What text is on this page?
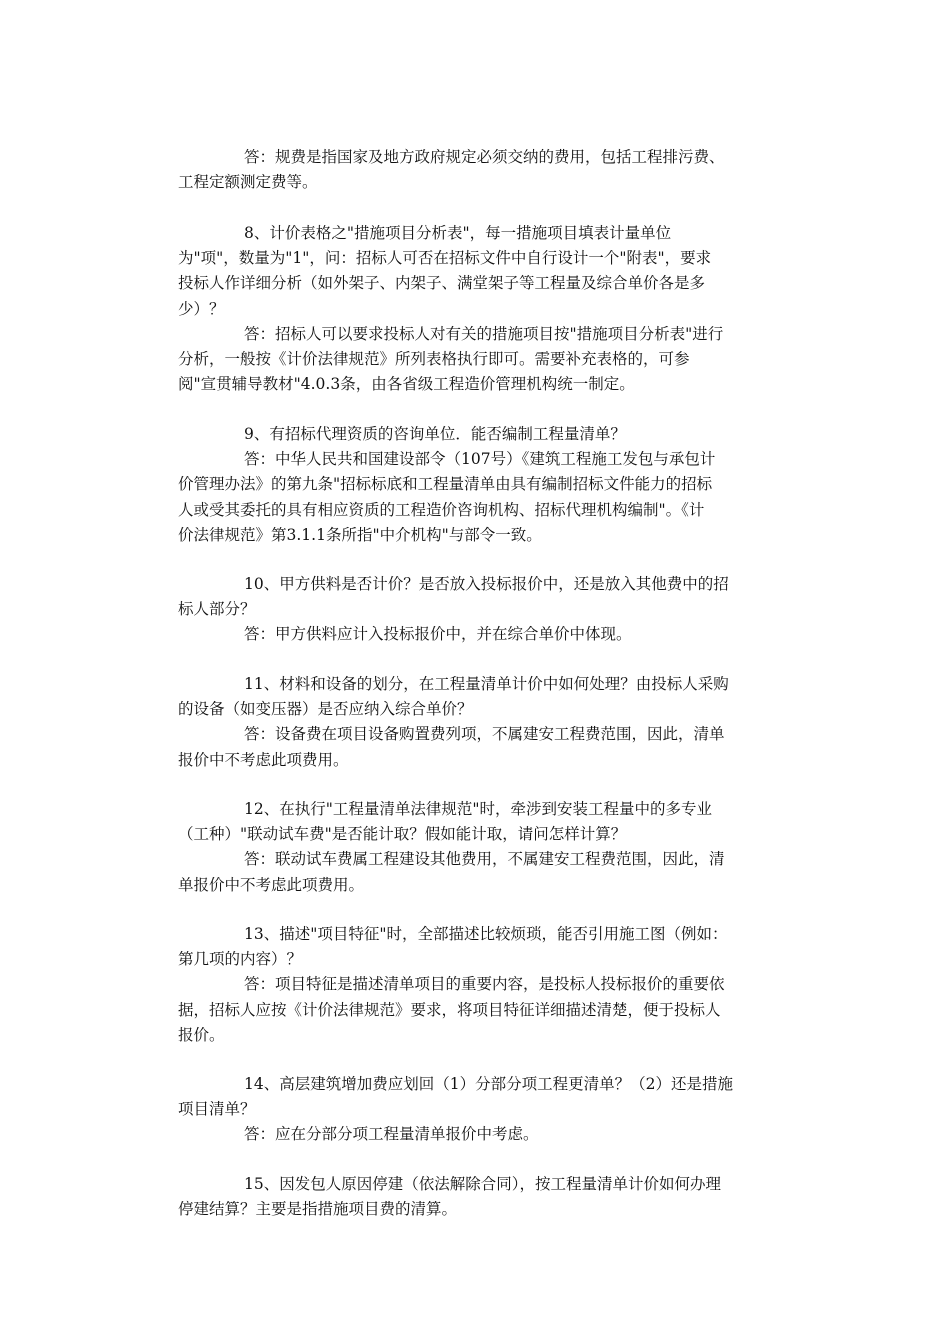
答：规费是指国家及地方政府规定必须交纳的费用，包括工程排污费、
工程定额测定费等。
8、计价表格之"措施项目分析表"，每一措施项目填表计量单位
为"项"，数量为"1"，问：招标人可否在招标文件中自行设计一个"附表"，要求
投标人作详细分析（如外架子、内架子、满堂架子等工程量及综合单价各是多
少）？
答：招标人可以要求投标人对有关的措施项目按"措施项目分析表"进行
分析，一般按《计价法律规范》所列表格执行即可。需要补充表格的，可参
阅"宣贯辅导教材"4.0.3条，由各省级工程造价管理机构统一制定。
9、有招标代理资质的咨询单位．能否编制工程量清单？
答：中华人民共和国建设部令（107号）《建筑工程施工发包与承包计
价管理办法》的第九条"招标标底和工程量清单由具有编制招标文件能力的招标
人或受其委托的具有相应资质的工程造价咨询机构、招标代理机构编制"。《计
价法律规范》第3.1.1条所指"中介机构"与部令一致。
10、甲方供料是否计价？是否放入投标报价中，还是放入其他费中的招
标人部分？
答：甲方供料应计入投标报价中，并在综合单价中体现。
11、材料和设备的划分，在工程量清单计价中如何处理？由投标人采购
的设备（如变压器）是否应纳入综合单价？
答：设备费在项目设备购置费列项，不属建安工程费范围，因此，清单
报价中不考虑此项费用。
12、在执行"工程量清单法律规范"时，牵涉到安装工程量中的多专业
（工种）"联动试车费"是否能计取？假如能计取，请问怎样计算？
答：联动试车费属工程建设其他费用，不属建安工程费范围，因此，清
单报价中不考虑此项费用。
13、描述"项目特征"时，全部描述比较烦琐，能否引用施工图（例如：
第几项的内容）？
答：项目特征是描述清单项目的重要内容，是投标人投标报价的重要依
据，招标人应按《计价法律规范》要求，将项目特征详细描述清楚，便于投标人
报价。
14、高层建筑增加费应划回（1）分部分项工程更清单？（2）还是措施
项目清单？
答：应在分部分项工程量清单报价中考虑。
15、因发包人原因停建（依法解除合同），按工程量清单计价如何办理
停建结算？主要是指措施项目费的清算。
